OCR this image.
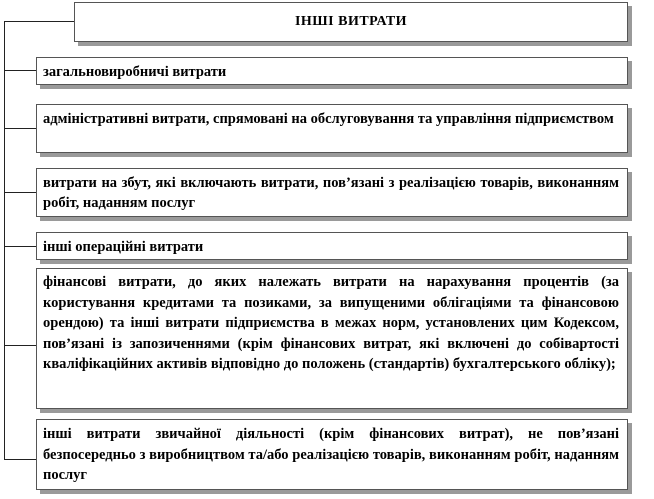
ІНШІ ВИТРАТИ
загальновиробничі витрати
адміністративні витрати, спрямовані на обслуговування та управління підприємством
витрати на збут, які включають витрати, пов’язані з реалізацією товарів, виконанням робіт, наданням послуг
інші операційні витрати
фінансові витрати, до яких належать витрати на нарахування процентів (за користування кредитами та позиками, за випущеними облігаціями та фінансовою орендою) та інші витрати підприємства в межах норм, установлених цим Кодексом, пов’язані із запозиченнями (крім фінансових витрат, які включені до собівартості кваліфікаційних активів відповідно до положень (стандартів) бухгалтерського обліку);
інші витрати звичайної діяльності (крім фінансових витрат), не пов’язані безпосередньо з виробництвом та/або реалізацією товарів, виконанням робіт, наданням послуг
